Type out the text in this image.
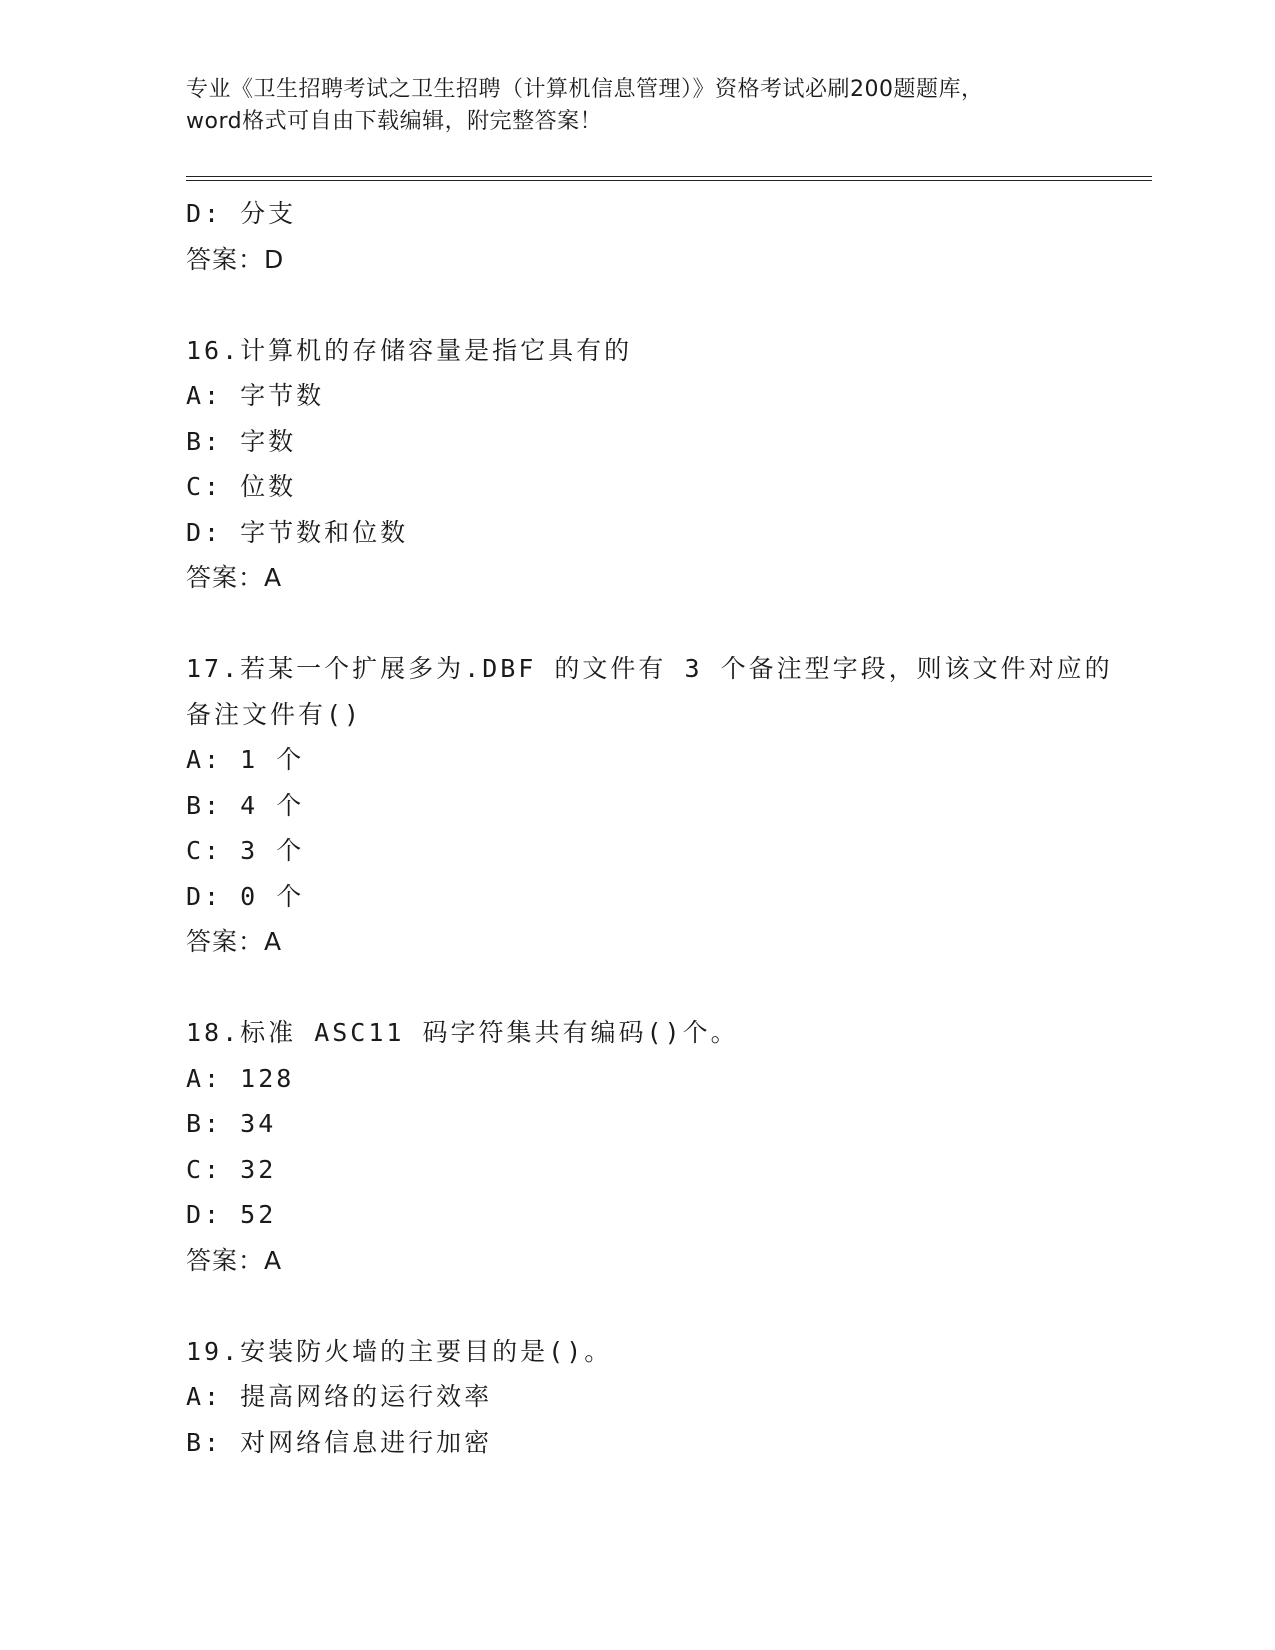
专业《卫生招聘考试之卫生招聘（计算机信息管理）》资格考试必刷200题题库，
word格式可自由下载编辑，附完整答案！
D: 分支
答案：D
16.计算机的存储容量是指它具有的
A: 字节数
B: 字数
C: 位数
D: 字节数和位数
答案：A
17.若某一个扩展多为.DBF 的文件有 3 个备注型字段，则该文件对应的
备注文件有()
A: 1 个
B: 4 个
C: 3 个
D: 0 个
答案：A
18.标准 ASC11 码字符集共有编码()个。
A: 128
B: 34
C: 32
D: 52
答案：A
19.安装防火墙的主要目的是()。
A: 提高网络的运行效率
B: 对网络信息进行加密
